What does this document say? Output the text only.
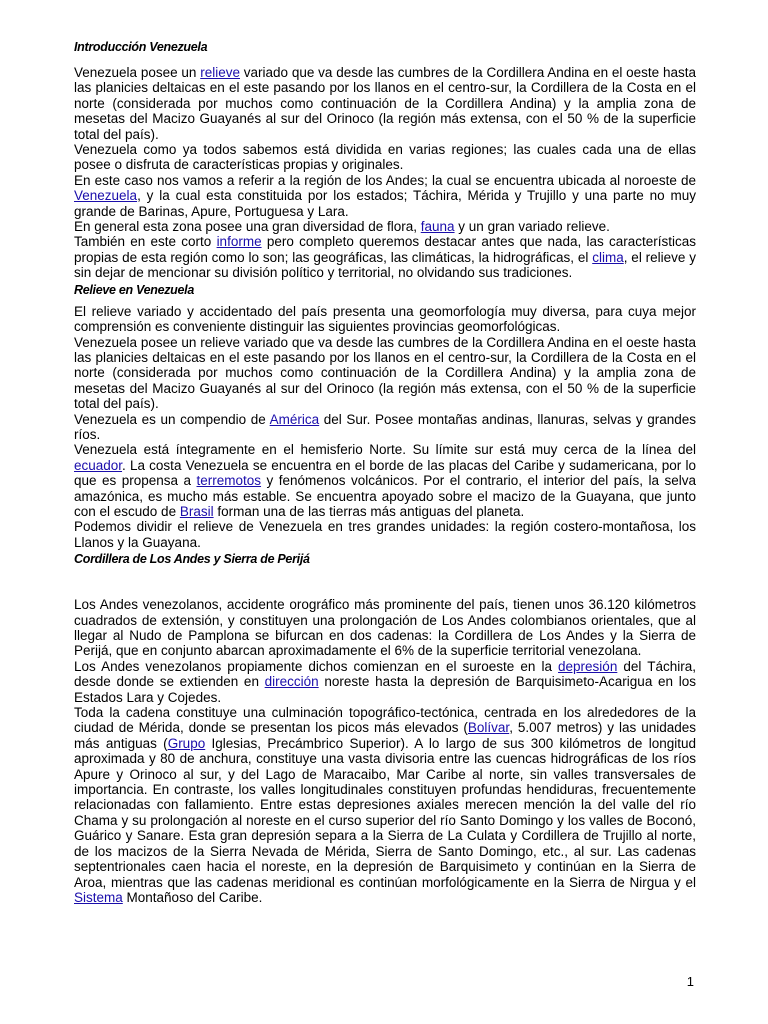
Introducción Venezuela
Venezuela posee un relieve variado que va desde las cumbres de la Cordillera Andina en el oeste hasta las planicies deltaicas en el este pasando por los llanos en el centro-sur, la Cordillera de la Costa en el norte (considerada por muchos como continuación de la Cordillera Andina) y la amplia zona de mesetas del Macizo Guayanés al sur del Orinoco (la región más extensa, con el 50 % de la superficie total del país).
Venezuela como ya todos sabemos está dividida en varias regiones; las cuales cada una de ellas posee o disfruta de características propias y originales.
En este caso nos vamos a referir a la región de los Andes; la cual se encuentra ubicada al noroeste de Venezuela, y la cual esta constituida por los estados; Táchira, Mérida y Trujillo y una parte no muy grande de Barinas, Apure, Portuguesa y Lara.
En general esta zona posee una gran diversidad de flora, fauna y un gran variado relieve.
También en este corto informe pero completo queremos destacar antes que nada, las características propias de esta región como lo son; las geográficas, las climáticas, la hidrográficas, el clima, el relieve y sin dejar de mencionar su división político y territorial, no olvidando sus tradiciones.
Relieve en Venezuela
El relieve variado y accidentado del país presenta una geomorfología muy diversa, para cuya mejor comprensión es conveniente distinguir las siguientes provincias geomorfológicas.
Venezuela posee un relieve variado que va desde las cumbres de la Cordillera Andina en el oeste hasta las planicies deltaicas en el este pasando por los llanos en el centro-sur, la Cordillera de la Costa en el norte (considerada por muchos como continuación de la Cordillera Andina) y la amplia zona de mesetas del Macizo Guayanés al sur del Orinoco (la región más extensa, con el 50 % de la superficie total del país).
Venezuela es un compendio de América del Sur. Posee montañas andinas, llanuras, selvas y grandes ríos.
Venezuela está íntegramente en el hemisferio Norte. Su límite sur está muy cerca de la línea del ecuador. La costa Venezuela se encuentra en el borde de las placas del Caribe y sudamericana, por lo que es propensa a terremotos y fenómenos volcánicos. Por el contrario, el interior del país, la selva amazónica, es mucho más estable. Se encuentra apoyado sobre el macizo de la Guayana, que junto con el escudo de Brasil forman una de las tierras más antiguas del planeta.
Podemos dividir el relieve de Venezuela en tres grandes unidades: la región costero-montañosa, los Llanos y la Guayana.
Cordillera de Los Andes y Sierra de Perijá
Los Andes venezolanos, accidente orográfico más prominente del país, tienen unos 36.120 kilómetros cuadrados de extensión, y constituyen una prolongación de Los Andes colombianos orientales, que al llegar al Nudo de Pamplona se bifurcan en dos cadenas: la Cordillera de Los Andes y la Sierra de Perijá, que en conjunto abarcan aproximadamente el 6% de la superficie territorial venezolana.
Los Andes venezolanos propiamente dichos comienzan en el suroeste en la depresión del Táchira, desde donde se extienden en dirección noreste hasta la depresión de Barquisimeto-Acarigua en los Estados Lara y Cojedes.
Toda la cadena constituye una culminación topográfico-tectónica, centrada en los alrededores de la ciudad de Mérida, donde se presentan los picos más elevados (Bolívar, 5.007 metros) y las unidades más antiguas (Grupo Iglesias, Precámbrico Superior). A lo largo de sus 300 kilómetros de longitud aproximada y 80 de anchura, constituye una vasta divisoria entre las cuencas hidrográficas de los ríos Apure y Orinoco al sur, y del Lago de Maracaibo, Mar Caribe al norte, sin valles transversales de importancia. En contraste, los valles longitudinales constituyen profundas hendiduras, frecuentemente relacionadas con fallamiento. Entre estas depresiones axiales merecen mención la del valle del río Chama y su prolongación al noreste en el curso superior del río Santo Domingo y los valles de Boconó, Guárico y Sanare. Esta gran depresión separa a la Sierra de La Culata y Cordillera de Trujillo al norte, de los macizos de la Sierra Nevada de Mérida, Sierra de Santo Domingo, etc., al sur. Las cadenas septentrionales caen hacia el noreste, en la depresión de Barquisimeto y continúan en la Sierra de Aroa, mientras que las cadenas meridional es continúan morfológicamente en la Sierra de Nirgua y el Sistema Montañoso del Caribe.
1
